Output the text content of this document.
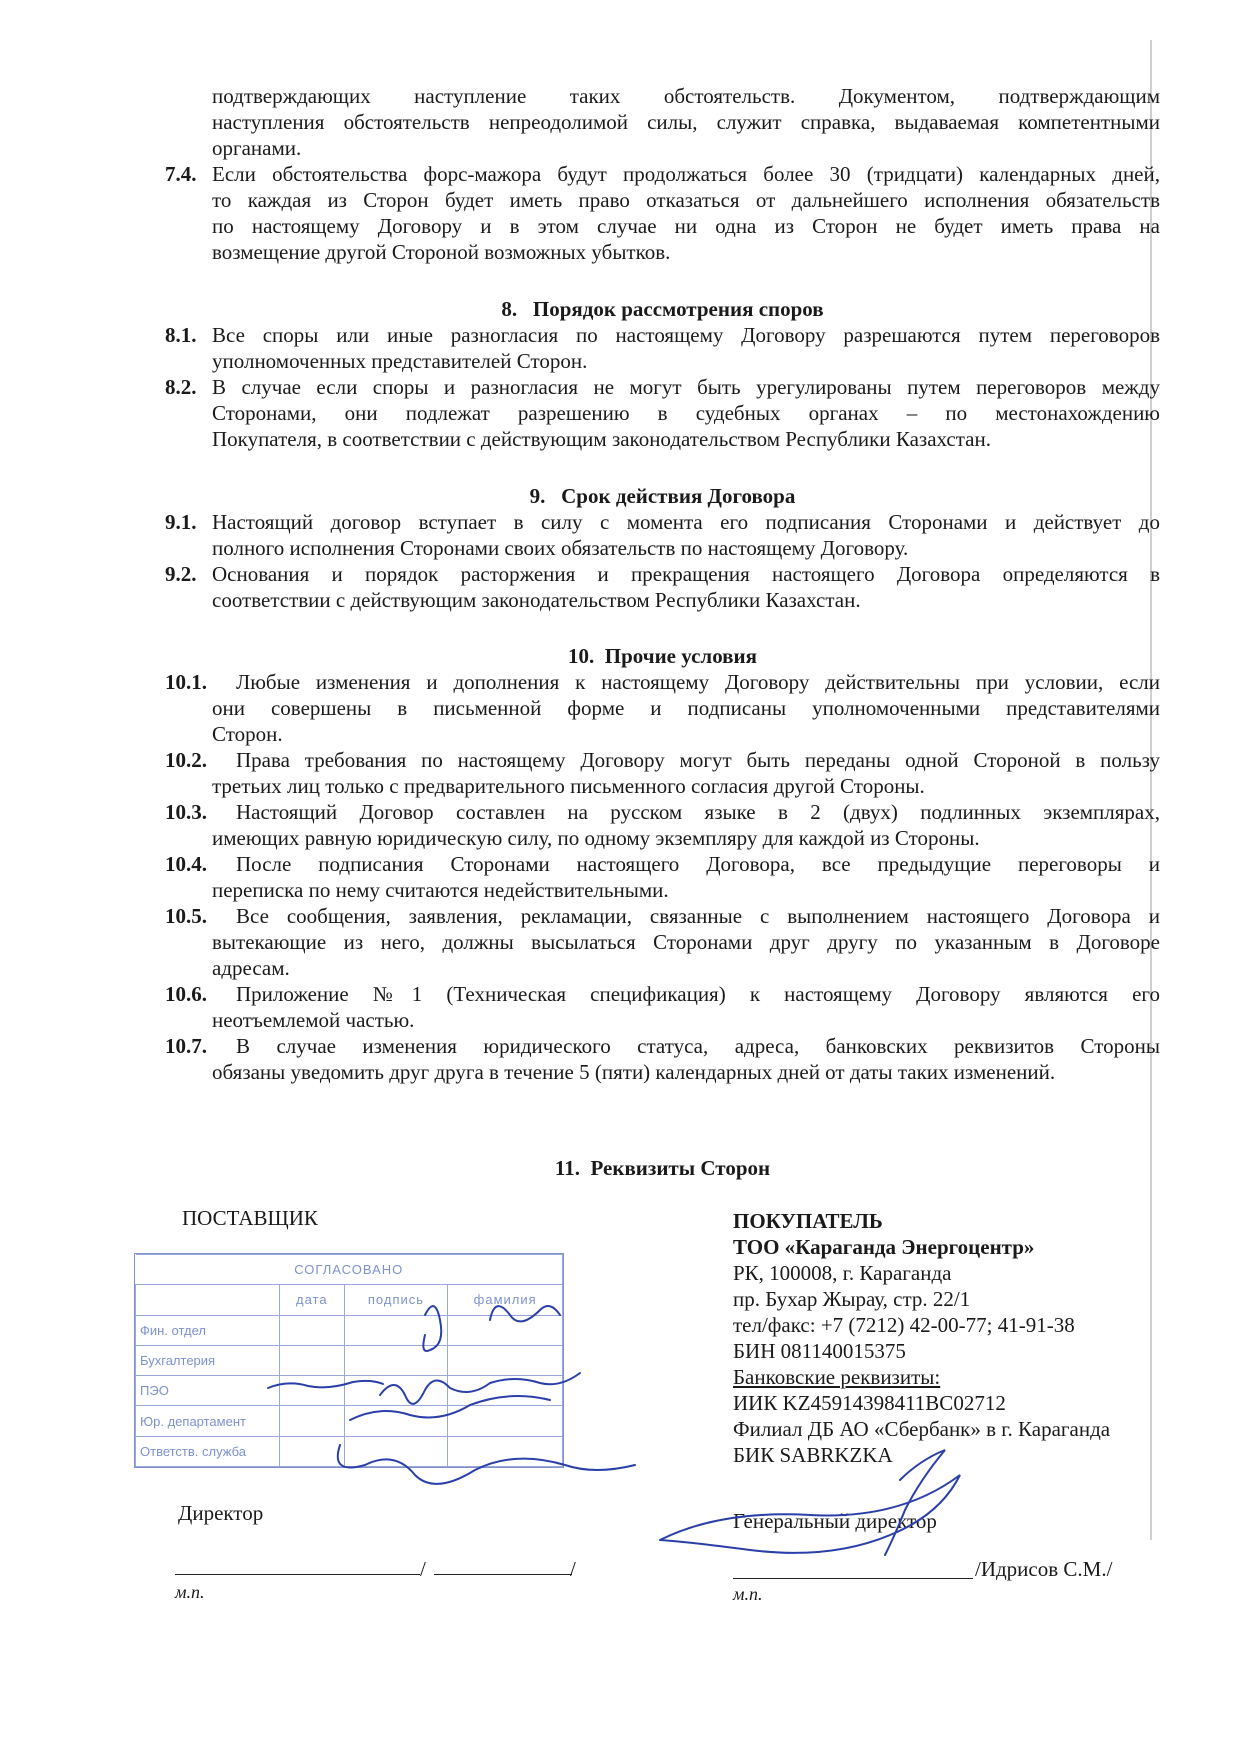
подтверждающих наступление таких обстоятельств. Документом, подтверждающим
наступления обстоятельств непреодолимой силы, служит справка, выдаваемая компетентными
органами.
7.4. Если обстоятельства форс-мажора будут продолжаться более 30 (тридцати) календарных дней,
то каждая из Сторон будет иметь право отказаться от дальнейшего исполнения обязательств
по настоящему Договору и в этом случае ни одна из Сторон не будет иметь права на
возмещение другой Стороной возможных убытков.
8.   Порядок рассмотрения споров
8.1. Все споры или иные разногласия по настоящему Договору разрешаются путем переговоров
уполномоченных представителей Сторон.
8.2. В случае если споры и разногласия не могут быть урегулированы путем переговоров между
Сторонами, они подлежат разрешению в судебных органах – по местонахождению
Покупателя, в соответствии с действующим законодательством Республики Казахстан.
9.   Срок действия Договора
9.1. Настоящий договор вступает в силу с момента его подписания Сторонами и действует до
полного исполнения Сторонами своих обязательств по настоящему Договору.
9.2. Основания и порядок расторжения и прекращения настоящего Договора определяются в
соответствии с действующим законодательством Республики Казахстан.
10.  Прочие условия
10.1.	Любые изменения и дополнения к настоящему Договору действительны при условии, если
они совершены в письменной форме и подписаны уполномоченными представителями
Сторон.
10.2.	Права требования по настоящему Договору могут быть переданы одной Стороной в пользу
третьих лиц только с предварительного письменного согласия другой Стороны.
10.3.	Настоящий Договор составлен на русском языке в 2 (двух) подлинных экземплярах,
имеющих равную юридическую силу, по одному экземпляру для каждой из Стороны.
10.4.	После подписания Сторонами настоящего Договора, все предыдущие переговоры и
переписка по нему считаются недействительными.
10.5.	Все сообщения, заявления, рекламации, связанные с выполнением настоящего Договора и
вытекающие из него, должны высылаться Сторонами друг другу по указанным в Договоре
адресам.
10.6.	Приложение №1 (Техническая спецификация) к настоящему Договору являются его
неотъемлемой частью.
10.7.	В случае изменения юридического статуса, адреса, банковских реквизитов Стороны
обязаны уведомить друг друга в течение 5 (пяти) календарных дней от даты таких изменений.
11.  Реквизиты Сторон
ПОСТАВЩИК
СОГЛАСОВАНО			
	дата	подпись	фамилия
Фин. отдел			
Бухгалтерия			
ПЭО			
Юр. департамент			
Ответств. служба			
Директор
/	/
м.п.
ПОКУПАТЕЛЬ
ТОО «Караганда Энергоцентр»
РК, 100008, г. Караганда
пр. Бухар Жырау, стр. 22/1
тел/факс: +7 (7212) 42-00-77; 41-91-38
БИН 081140015375
Банковские реквизиты:
ИИК KZ45914398411BC02712
Филиал ДБ АО «Сбербанк» в г. Караганда
БИК SABRKZKA
Генеральный директор
/Идрисов С.М./
м.п.
